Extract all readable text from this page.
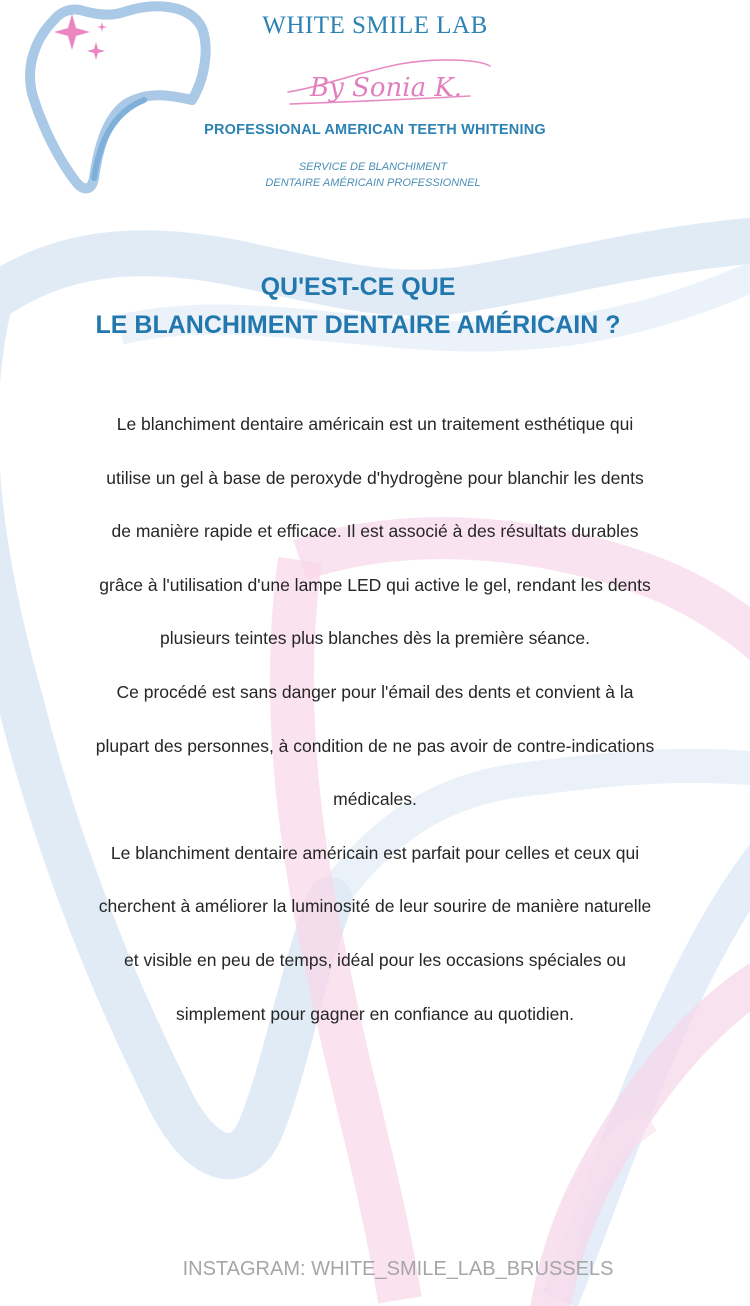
WHITE SMILE LAB
By Sonia K.
PROFESSIONAL AMERICAN TEETH WHITENING
SERVICE DE BLANCHIMENT
DENTAIRE AMÉRICAIN PROFESSIONNEL
QU'EST-CE QUE
LE BLANCHIMENT DENTAIRE AMÉRICAIN ?
Le blanchiment dentaire américain est un traitement esthétique qui
utilise un gel à base de peroxyde d'hydrogène pour blanchir les dents
de manière rapide et efficace. Il est associé à des résultats durables
grâce à l'utilisation d'une lampe LED qui active le gel, rendant les dents
plusieurs teintes plus blanches dès la première séance.
Ce procédé est sans danger pour l'émail des dents et convient à la
plupart des personnes, à condition de ne pas avoir de contre-indications
médicales.
Le blanchiment dentaire américain est parfait pour celles et ceux qui
cherchent à améliorer la luminosité de leur sourire de manière naturelle
et visible en peu de temps, idéal pour les occasions spéciales ou
simplement pour gagner en confiance au quotidien.
INSTAGRAM: WHITE_SMILE_LAB_BRUSSELS
